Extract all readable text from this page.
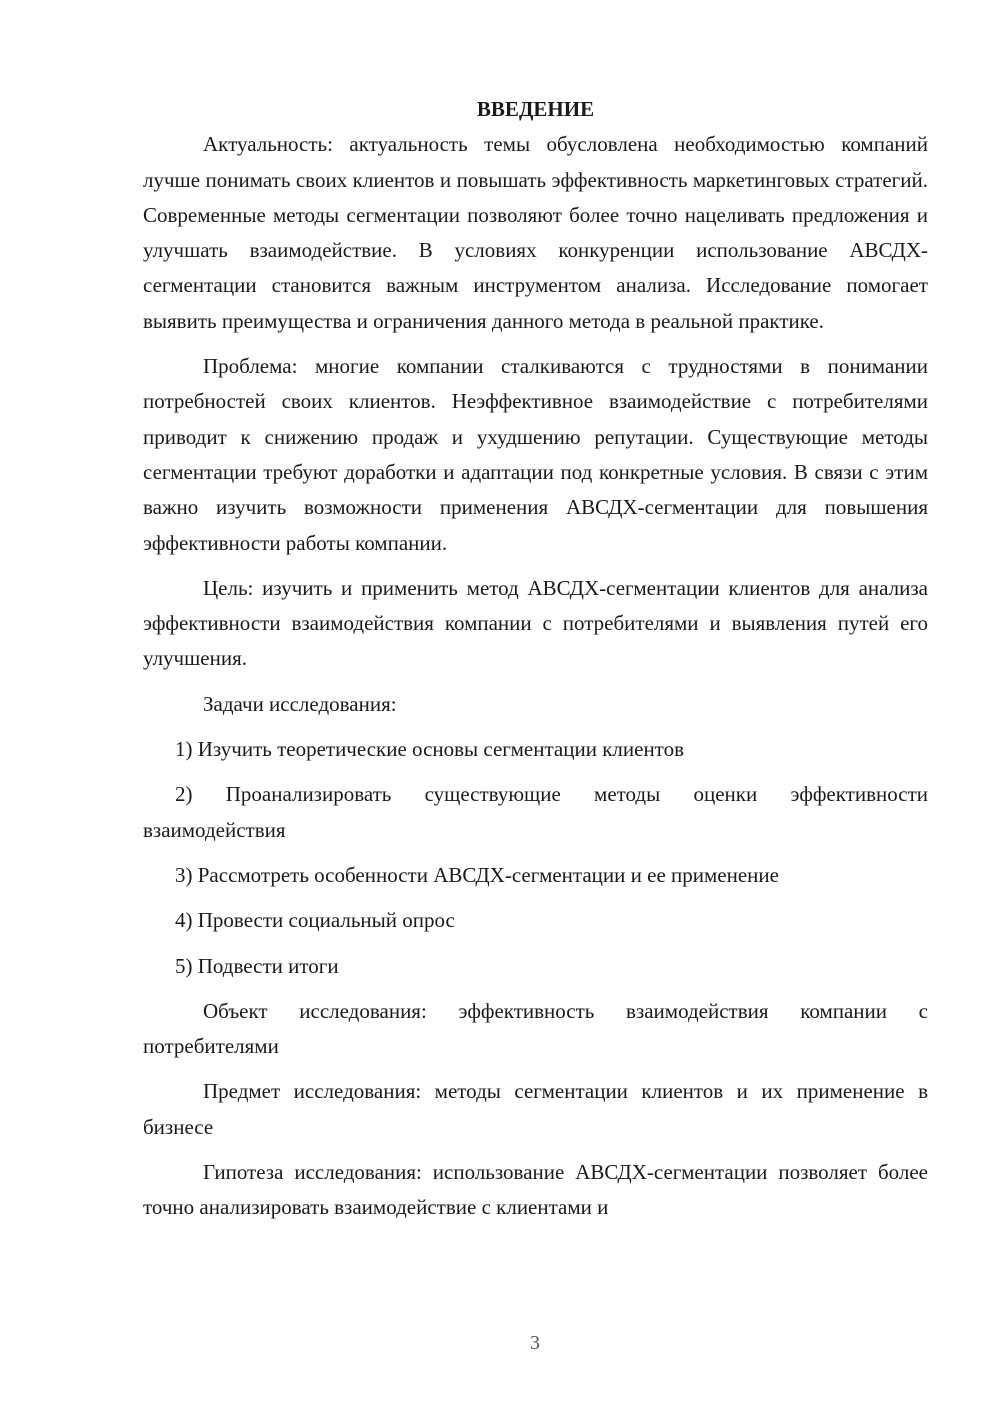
ВВЕДЕНИЕ

Актуальность: актуальность темы обусловлена необходимостью компаний лучше понимать своих клиентов и повышать эффективность маркетинговых стратегий. Современные методы сегментации позволяют более точно нацеливать предложения и улучшать взаимодействие. В условиях конкуренции использование АВСДХ-сегментации становится важным инструментом анализа. Исследование помогает выявить преимущества и ограничения данного метода в реальной практике.

Проблема: многие компании сталкиваются с трудностями в понимании потребностей своих клиентов. Неэффективное взаимодействие с потребителями приводит к снижению продаж и ухудшению репутации. Существующие методы сегментации требуют доработки и адаптации под конкретные условия. В связи с этим важно изучить возможности применения АВСДХ-сегментации для повышения эффективности работы компании.

Цель: изучить и применить метод АВСДХ-сегментации клиентов для анализа эффективности взаимодействия компании с потребителями и выявления путей его улучшения.

Задачи исследования:

1) Изучить теоретические основы сегментации клиентов

2) Проанализировать существующие методы оценки эффективности взаимодействия

3) Рассмотреть особенности АВСДХ-сегментации и ее применение

4) Провести социальный опрос

5) Подвести итоги

Объект исследования: эффективность взаимодействия компании с потребителями

Предмет исследования: методы сегментации клиентов и их применение в бизнесе

Гипотеза исследования: использование АВСДХ-сегментации позволяет более точно анализировать взаимодействие с клиентами и

3
